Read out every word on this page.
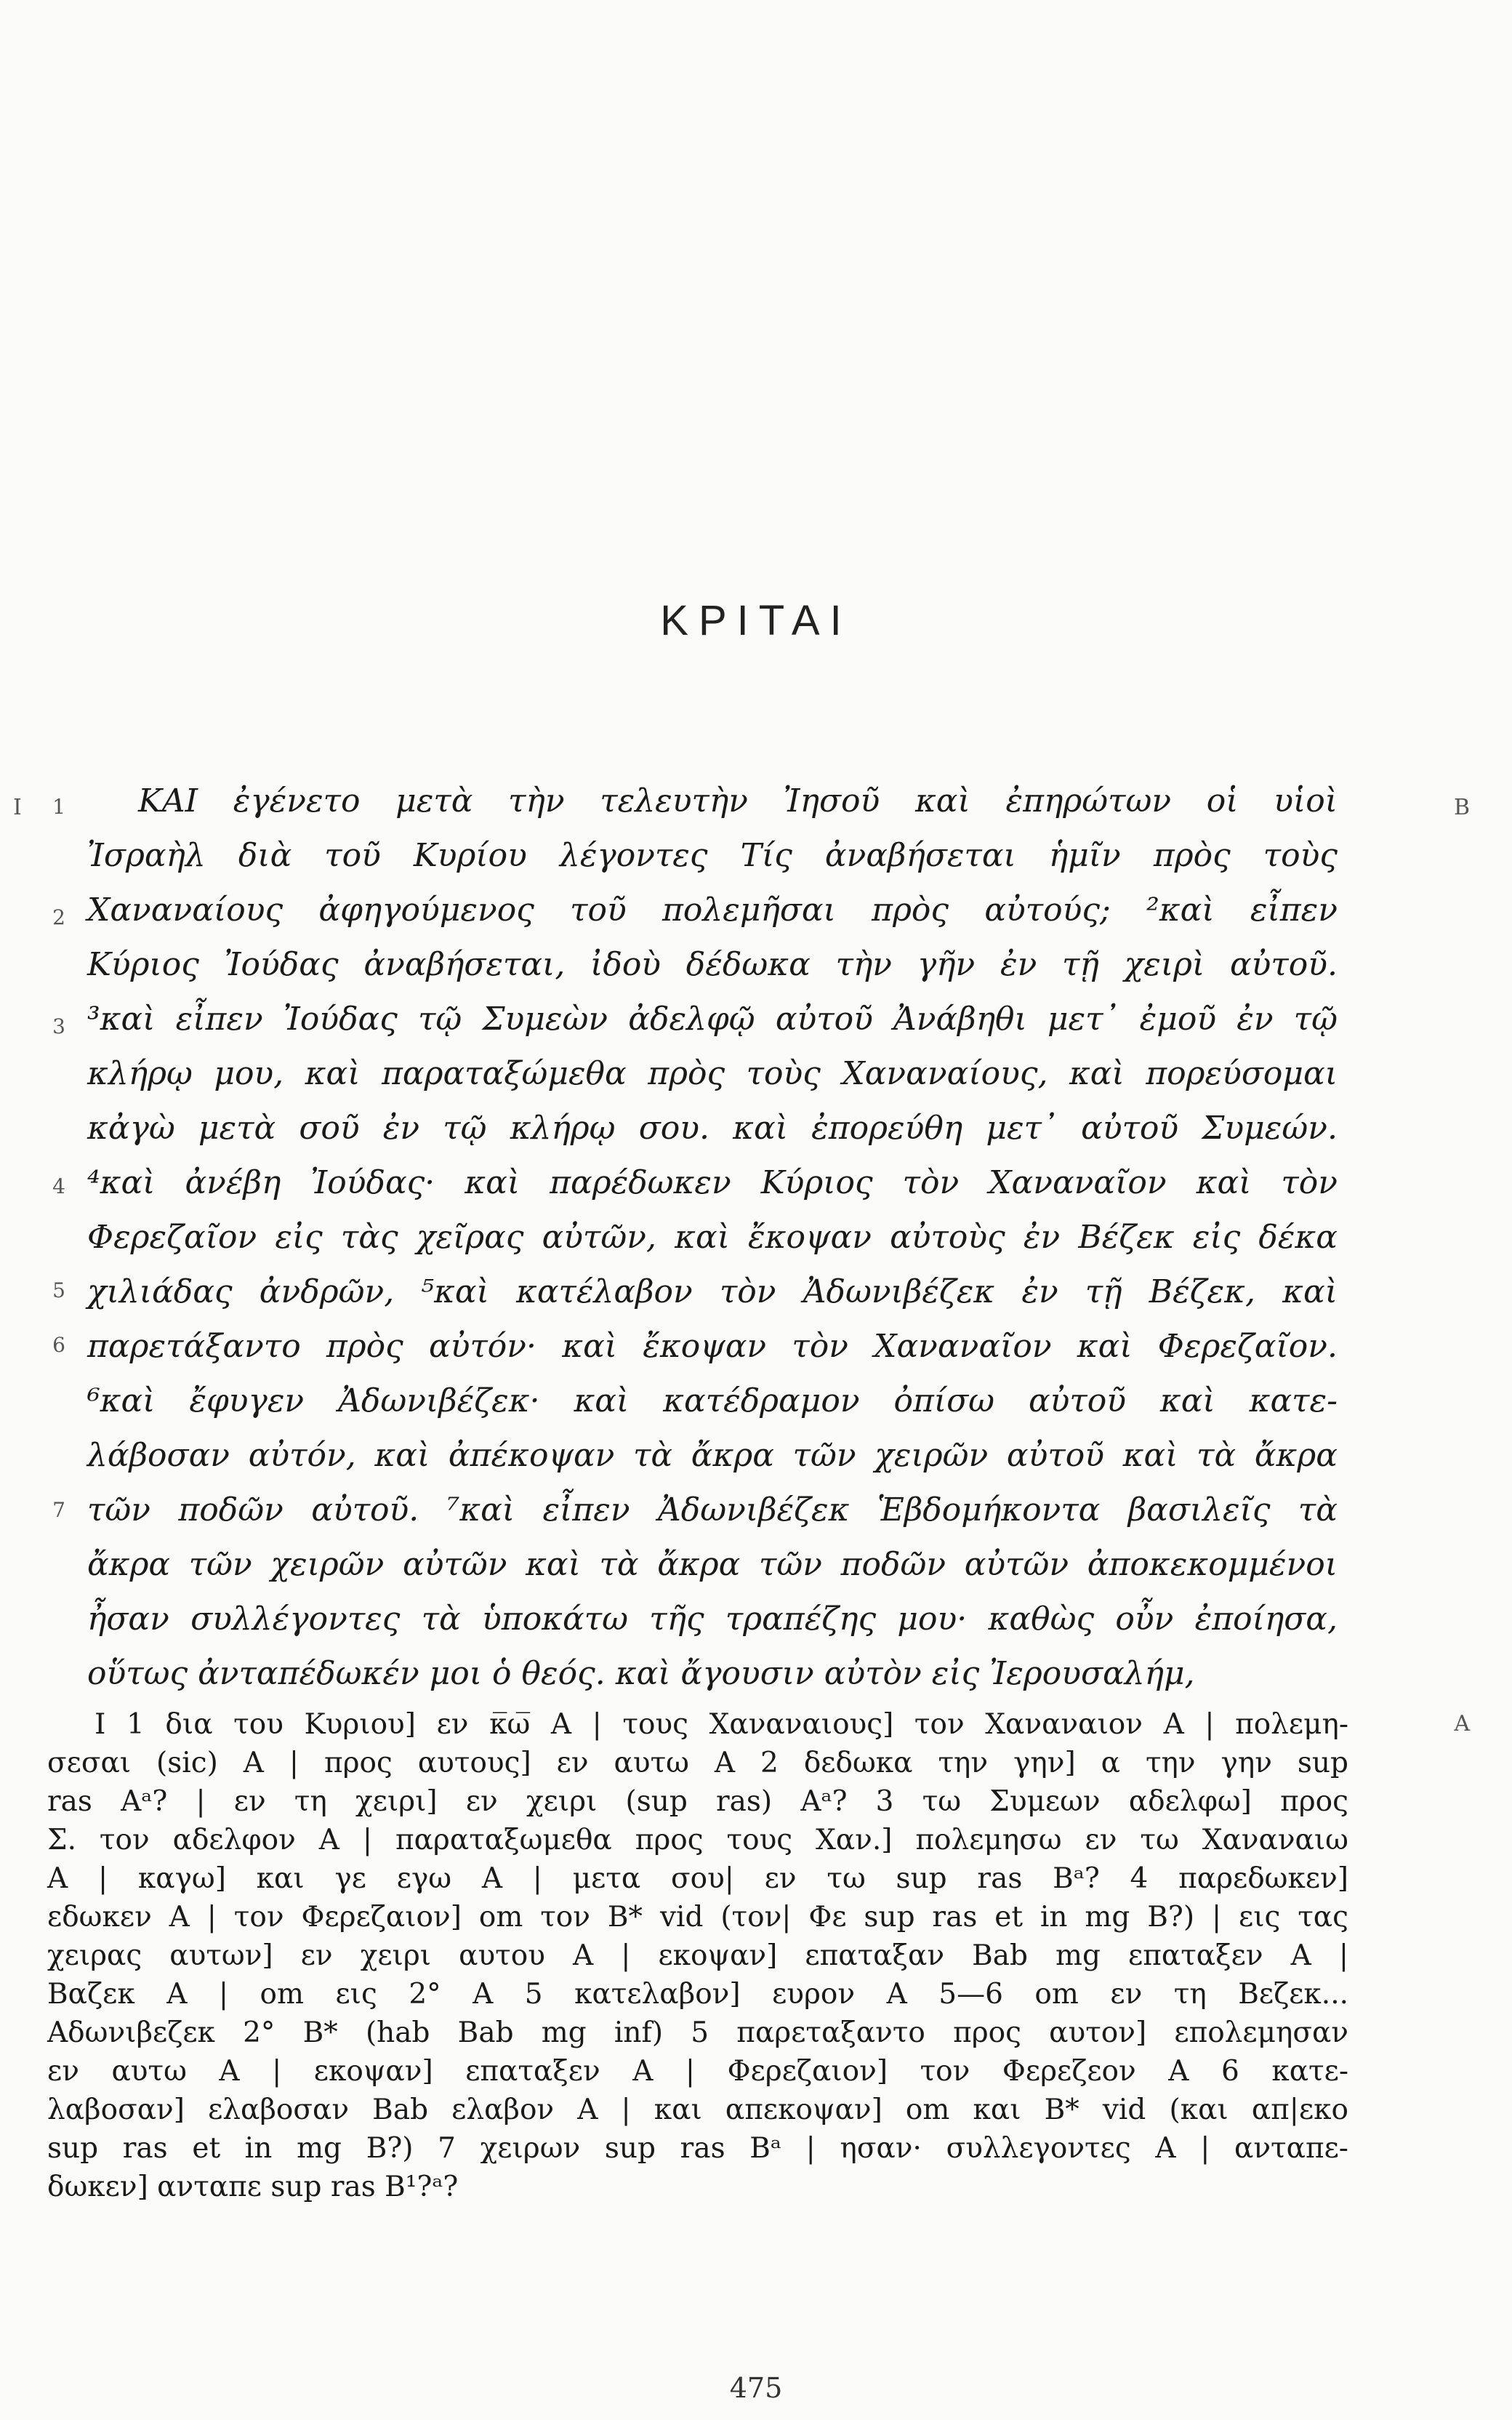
ΚΡΙΤΑΙ
I	B
A
1
2
3
4
5
6
7
ΚΑΙ ἐγένετο μετὰ τὴν τελευτὴν Ἰησοῦ καὶ ἐπηρώτων οἱ υἱοὶ
Ἰσραὴλ διὰ τοῦ Κυρίου λέγοντες Τίς ἀναβήσεται ἡμῖν πρὸς τοὺς
Χαναναίους ἀφηγούμενος τοῦ πολεμῆσαι πρὸς αὐτούς; ²καὶ εἶπεν
Κύριος Ἰούδας ἀναβήσεται, ἰδοὺ δέδωκα τὴν γῆν ἐν τῇ χειρὶ αὐτοῦ.
³καὶ εἶπεν Ἰούδας τῷ Συμεὼν ἀδελφῷ αὐτοῦ Ἀνάβηθι μετ᾽ ἐμοῦ ἐν τῷ
κλήρῳ μου, καὶ παραταξώμεθα πρὸς τοὺς Χαναναίους, καὶ πορεύσομαι
κἀγὼ μετὰ σοῦ ἐν τῷ κλήρῳ σου. καὶ ἐπορεύθη μετ᾽ αὐτοῦ Συμεών.
⁴καὶ ἀνέβη Ἰούδας· καὶ παρέδωκεν Κύριος τὸν Χαναναῖον καὶ τὸν
Φερεζαῖον εἰς τὰς χεῖρας αὐτῶν, καὶ ἔκοψαν αὐτοὺς ἐν Βέζεκ εἰς δέκα
χιλιάδας ἀνδρῶν, ⁵καὶ κατέλαβον τὸν Ἀδωνιβέζεκ ἐν τῇ Βέζεκ, καὶ
παρετάξαντο πρὸς αὐτόν· καὶ ἔκοψαν τὸν Χαναναῖον καὶ Φερεζαῖον.
⁶καὶ ἔφυγεν Ἀδωνιβέζεκ· καὶ κατέδραμον ὀπίσω αὐτοῦ καὶ κατε-
λάβοσαν αὐτόν, καὶ ἀπέκοψαν τὰ ἄκρα τῶν χειρῶν αὐτοῦ καὶ τὰ ἄκρα
τῶν ποδῶν αὐτοῦ. ⁷καὶ εἶπεν Ἀδωνιβέζεκ Ἑβδομήκοντα βασιλεῖς τὰ
ἄκρα τῶν χειρῶν αὐτῶν καὶ τὰ ἄκρα τῶν ποδῶν αὐτῶν ἀποκεκομμένοι
ἦσαν συλλέγοντες τὰ ὑποκάτω τῆς τραπέζης μου· καθὼς οὖν ἐποίησα,
οὕτως ἀνταπέδωκέν μοι ὁ θεός. καὶ ἄγουσιν αὐτὸν εἰς Ἰερουσαλήμ,
I 1 δια του Κυριου] εν κ̅ω̅ A | τους Χαναναιους] τον Χαναναιον A | πολεμη-
σεσαι (sic) A | προς αυτους] εν αυτω A 2 δεδωκα την γην] α την γην sup
ras Aᵃ? | εν τη χειρι] εν χειρι (sup ras) Aᵃ? 3 τω Συμεων αδελφω] προς
Σ. τον αδελφον A | παραταξωμεθα προς τους Χαν.] πολεμησω εν τω Χαναναιω
A | καγω] και γε εγω A | μετα σου| εν τω sup ras Bᵃ? 4 παρεδωκεν]
εδωκεν A | τον Φερεζαιον] om τον B* vid (τον| Φε sup ras et in mg B?) | εις τας
χειρας αυτων] εν χειρι αυτου A | εκοψαν] επαταξαν Bab mg επαταξεν A |
Βαζεκ A | om εις 2° A 5 κατελαβον] ευρον A 5—6 om εν τη Βεζεκ...
Αδωνιβεζεκ 2° B* (hab Bab mg inf) 5 παρεταξαντο προς αυτον] επολεμησαν
εν αυτω A | εκοψαν] επαταξεν A | Φερεζαιον] τον Φερεζεον A 6 κατε-
λαβοσαν] ελαβοσαν Bab ελαβον A | και απεκοψαν] om και B* vid (και απ|εκο
sup ras et in mg B?) 7 χειρων sup ras Bᵃ | ησαν· συλλεγοντες A | ανταπε-
δωκεν] ανταπε sup ras B¹?ᵃ?
475
